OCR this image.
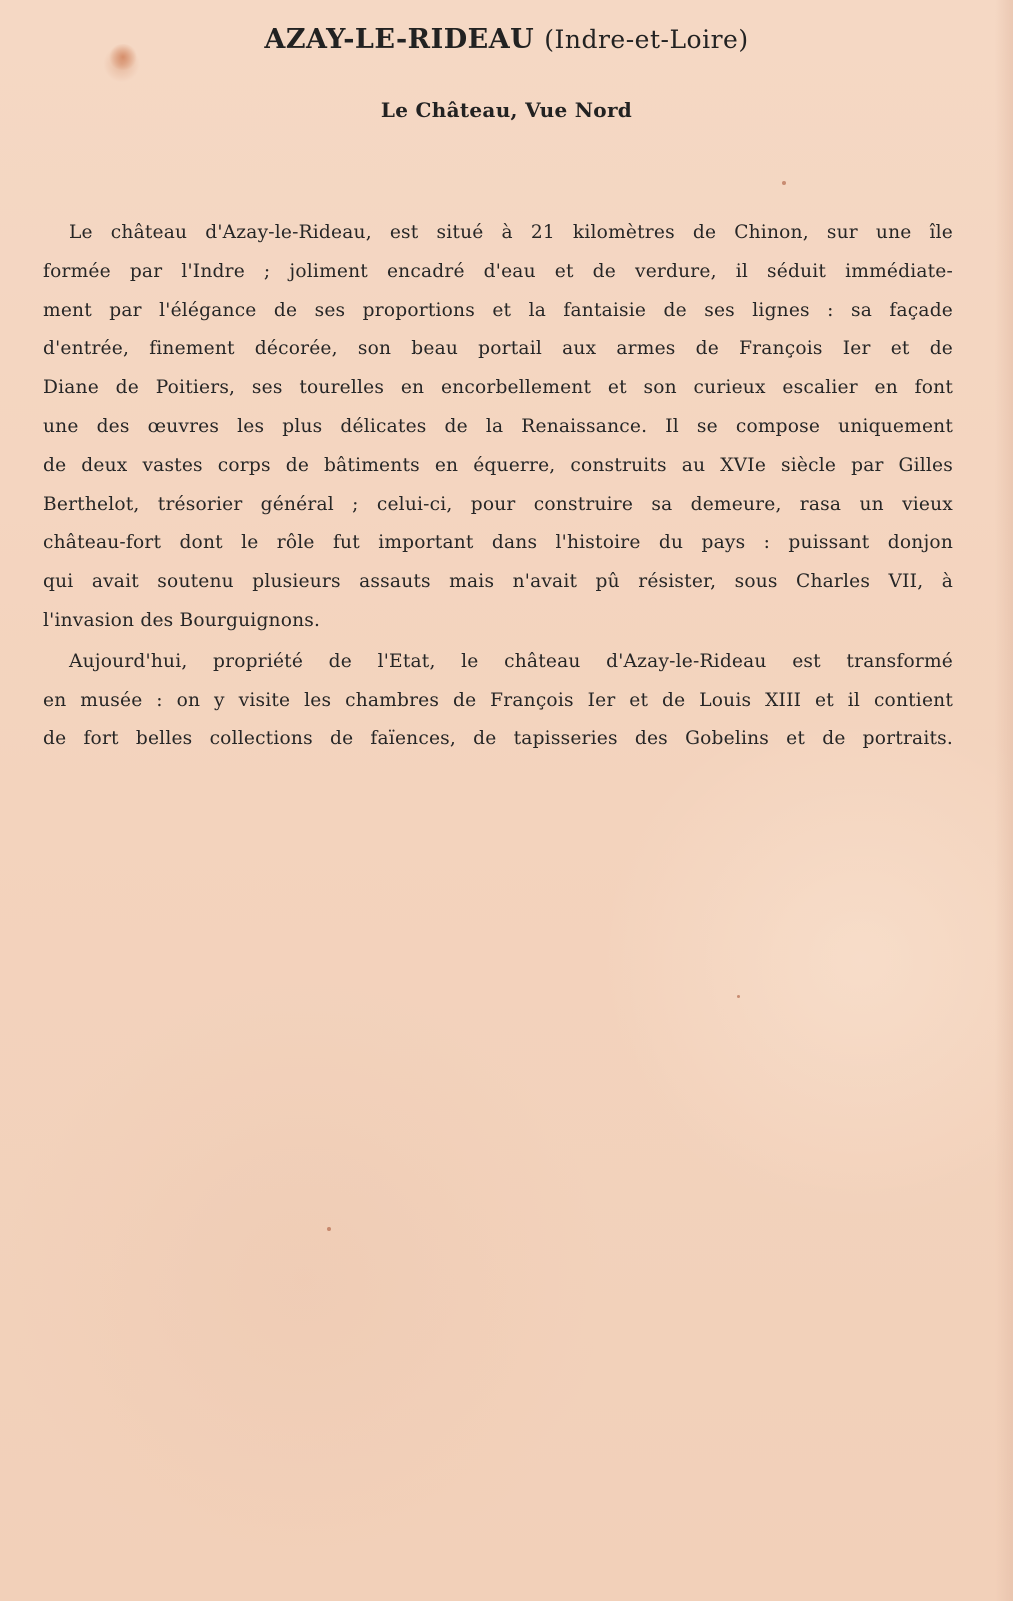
AZAY-LE-RIDEAU (Indre-et-Loire)
Le Château, Vue Nord
Le château d'Azay-le-Rideau, est situé à 21 kilomètres de Chinon, sur une île
formée par l'Indre ; joliment encadré d'eau et de verdure, il séduit immédiate-
ment par l'élégance de ses proportions et la fantaisie de ses lignes : sa façade
d'entrée, finement décorée, son beau portail aux armes de François Ier et de
Diane de Poitiers, ses tourelles en encorbellement et son curieux escalier en font
une des œuvres les plus délicates de la Renaissance. Il se compose uniquement
de deux vastes corps de bâtiments en équerre, construits au XVIe siècle par Gilles
Berthelot, trésorier général ; celui-ci, pour construire sa demeure, rasa un vieux
château-fort dont le rôle fut important dans l'histoire du pays : puissant donjon
qui avait soutenu plusieurs assauts mais n'avait pû résister, sous Charles VII, à
l'invasion des Bourguignons.
Aujourd'hui, propriété de l'Etat, le château d'Azay-le-Rideau est transformé
en musée : on y visite les chambres de François Ier et de Louis XIII et il contient
de fort belles collections de faïences, de tapisseries des Gobelins et de portraits.
